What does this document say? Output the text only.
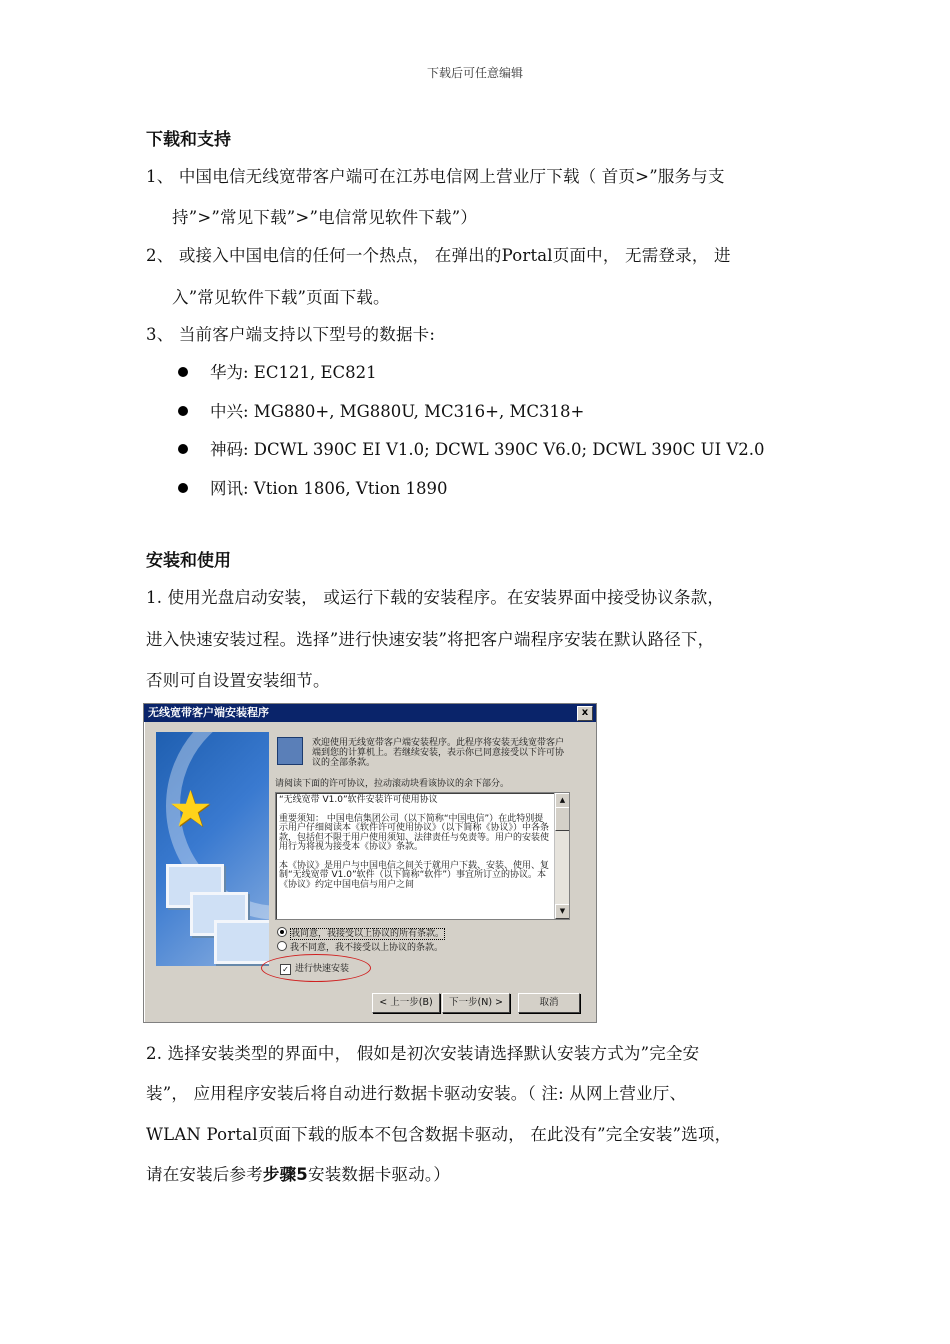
下载后可任意编辑
下载和支持
1、 中国电信无线宽带客户端可在江苏电信网上营业厅下载（ 首页>”服务与支
持”>”常见下载”>”电信常见软件下载”）
2、 或接入中国电信的任何一个热点， 在弹出的Portal页面中， 无需登录， 进
入”常见软件下载”页面下载。
3、 当前客户端支持以下型号的数据卡:
华为: EC121, EC821
中兴: MG880+, MG880U, MC316+, MC318+
神码: DCWL 390C EI V1.0; DCWL 390C V6.0; DCWL 390C UI V2.0
网讯: Vtion 1806, Vtion 1890
安装和使用
1. 使用光盘启动安装， 或运行下载的安装程序。在安装界面中接受协议条款，
进入快速安装过程。选择”进行快速安装”将把客户端程序安装在默认路径下，
否则可自设置安装细节。
无线宽带客户端安装程序	x
★
欢迎使用无线宽带客户端安装程序。此程序将安装无线宽带客户端到您的计算机上。若继续安装，表示你已同意接受以下许可协议的全部条款。
请阅读下面的许可协议，拉动滚动块看该协议的余下部分。
“无线宽带 V1.0”软件安装许可使用协议

重要须知： 中国电信集团公司（以下简称“中国电信”）在此特别提示用户仔细阅读本《软件许可使用协议》（以下简称《协议》）中各条款，包括但不限于用户使用须知、法律责任与免责等。用户的安装使用行为将视为接受本《协议》条款。

本《协议》是用户与中国电信之间关于就用户下载、安装、使用、复制“无线宽带 V1.0”软件（以下简称“软件”）事宜所订立的协议。本《协议》约定中国电信与用户之间
▲
▼
我同意，我接受以上协议的所有条款。
我不同意，我不接受以上协议的条款。
✓ 进行快速安装
< 上一步(B)	下一步(N) >	取消
2. 选择安装类型的界面中， 假如是初次安装请选择默认安装方式为”完全安
装”， 应用程序安装后将自动进行数据卡驱动安装。（ 注: 从网上营业厅、
WLAN Portal页面下载的版本不包含数据卡驱动， 在此没有”完全安装”选项，
请在安装后参考步骤5安装数据卡驱动。）
